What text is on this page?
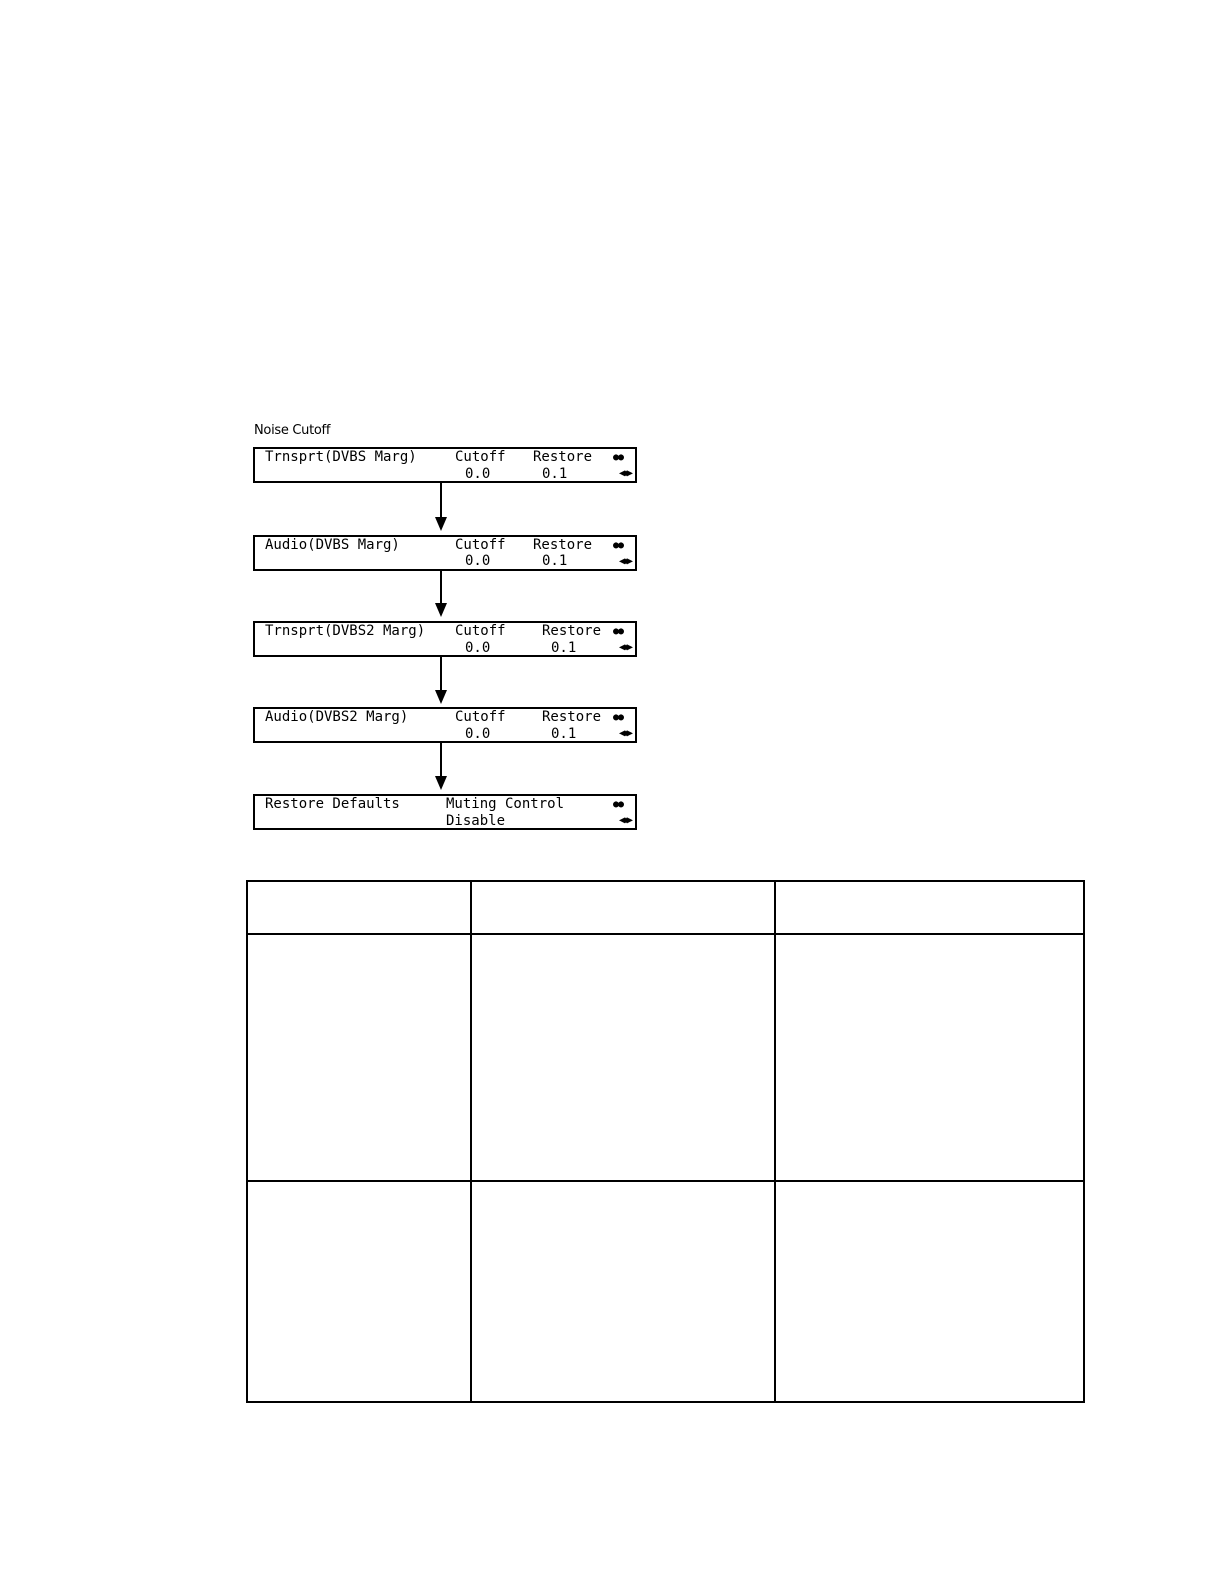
Noise Cutoff

Trnsprt(DVBS Marg)

	Cutoff

Restore

0.0

	0.1

●●

◀◆▶

Audio(DVBS Marg)

	Cutoff

Restore

0.0

	0.1

●●

◀◆▶

Trnsprt(DVBS2 Marg)

Cutoff

	Restore

0.0

	0.1

●●

◀◆▶

Audio(DVBS2 Marg)

	Cutoff

	Restore

0.0

	0.1

●●

◀◆▶

Restore Defaults

	Muting Control

Disable

●●

◀◆▶
